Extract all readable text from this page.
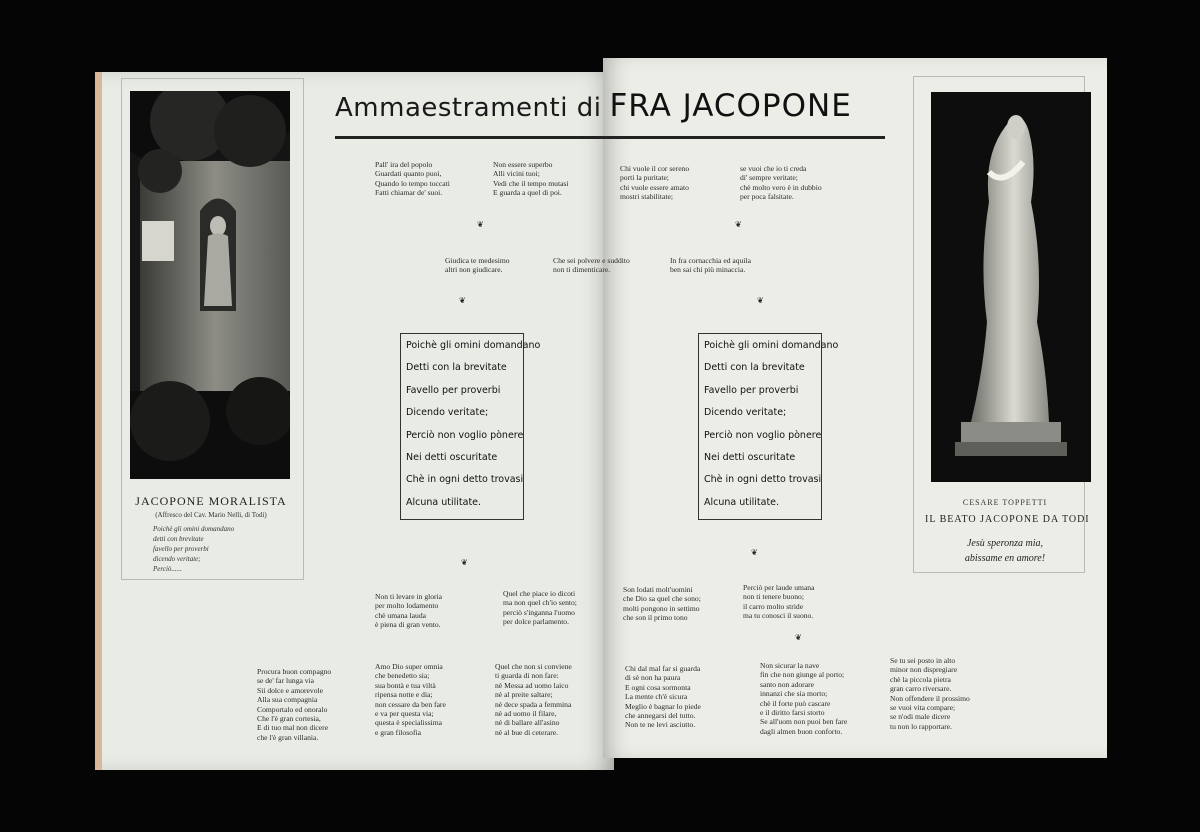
Ammaestramenti di FRA JACOPONE
JACOPONE MORALISTA
(Affresco del Cav. Mario Nelli, di Todi)
Poichè gli omini domandano
detti con brevitate
favello per proverbi
dicendo veritate;
Perciò......
CESARE TOPPETTI
IL BEATO JACOPONE DA TODI
Jesù speronza mia,
abissame en amore!
Pall' ira del popolo
Guardati quanto puoi,
Quando lo tempo toccati
Fatti chiamar de' suoi.
Non essere superbo
Alli vicini tuoi;
Vedi che il tempo mutasi
E guarda a quel di poi.
Chi vuole il cor sereno
porti la puritate;
chi vuole essere amato
mostri stabilitate;
se vuoi che io ti creda
di' sempre veritate;
chè molto vero è in dubbio
per poca falsitate.
❦	❦
Giudica te medesimo
altri non giudicare.
Che sei polvere e suddito
non ti dimenticare.
In fra cornacchia ed aquila
ben sai chi più minaccia.
❦	❦
Poichè gli omini domandano
Detti con la brevitate
Favello per proverbi
Dicendo veritate;
Perciò non voglio pònere
Nei detti oscuritate
Chè in ogni detto trovasi
Alcuna utilitate.
Poichè gli omini domandano
Detti con la brevitate
Favello per proverbi
Dicendo veritate;
Perciò non voglio pònere
Nei detti oscuritate
Chè in ogni detto trovasi
Alcuna utilitate.
❦
❦
Non ti levare in gloria
per molto lodamento
chè umana lauda
è piena di gran vento.
Quel che piace io dicoti
ma non quel ch'io sento;
perciò s'inganna l'uomo
per dolce parlamento.
Son lodati molt'uomini
che Dio sa quel che sono;
molti pongono in settimo
che son il primo tono
Perciò per laude umana
non ti tenere buono;
il carro molto stride
ma tu conosci il suono.
❦
Procura buon compagno
se de' far lunga via
Sii dolce e amorevole
Alla sua compagnia
Comportalo ed onoralo
Che l'è gran cortesia,
E di tuo mal non dicere
che l'è gran villania.
Amo Dio super omnia
che benedetto sia;
sua bontà e tua viltà
ripensa notte e dia;
non cessare da ben fare
e va per questa via;
questa è specialissima
e gran filosofia
Quel che non si conviene
ti guarda di non fare:
nè Messa ad uomo laico
nè al preite saltare;
nè dece spada a femmina
nè ad uomo il filare,
nè di ballare all'asino
nè al bue di ceterare.
Chi dal mal far si guarda
di sè non ha paura
E ogni cosa sormonta
La mente ch'è sicura
Meglio è bagnar lo piede
che annegarsi del tutto.
Non te ne levi asciutto.
Non sicurar la nave
fin che non giunge al porto;
santo non adorare
innanzi che sia morto;
chè il forte può cascare
e il diritto farsi storto
Se all'uom non puoi ben fare
dagli almen buon conforto.
Se tu sei posto in alto
minor non dispregiare
chè la piccola pietra
gran carro riversare.
Non offendere il prossimo
se vuoi vita compare;
se n'odi male dicere
tu non lo rapportare.
